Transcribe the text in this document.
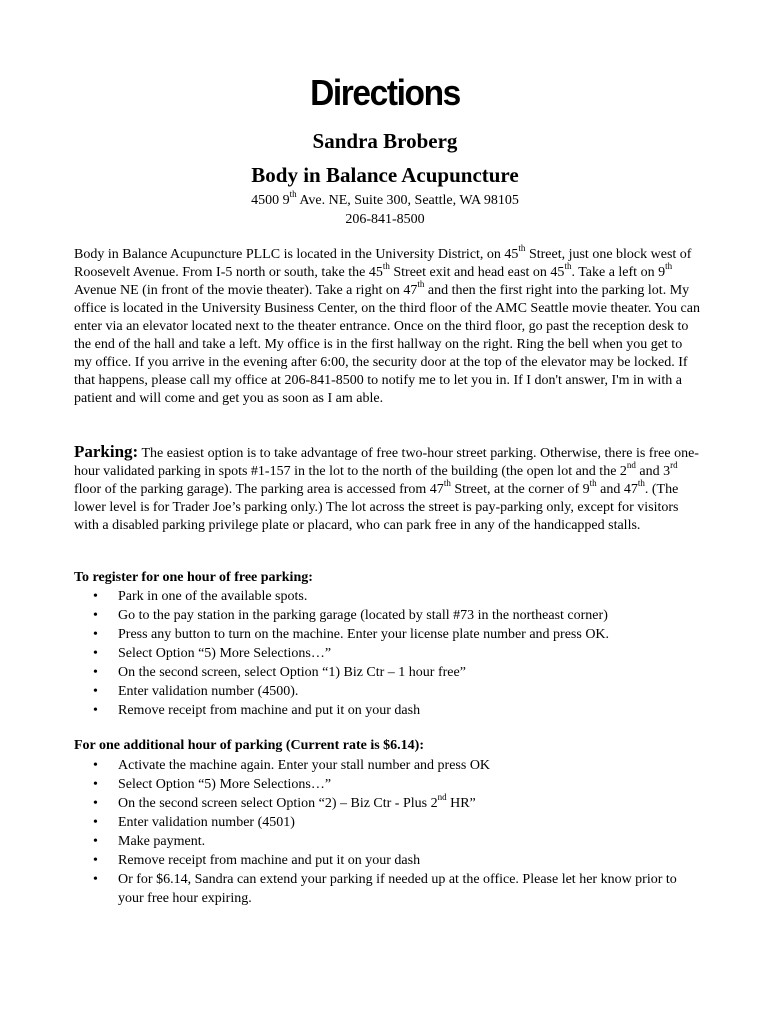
Directions
Sandra Broberg
Body in Balance Acupuncture
4500 9th Ave. NE, Suite 300, Seattle, WA 98105
206-841-8500
Body in Balance Acupuncture PLLC is located in the University District, on 45th Street, just one block west of Roosevelt Avenue. From I-5 north or south, take the 45th Street exit and head east on 45th. Take a left on 9th Avenue NE (in front of the movie theater). Take a right on 47th and then the first right into the parking lot. My office is located in the University Business Center, on the third floor of the AMC Seattle movie theater. You can enter via an elevator located next to the theater entrance. Once on the third floor, go past the reception desk to the end of the hall and take a left. My office is in the first hallway on the right. Ring the bell when you get to my office. If you arrive in the evening after 6:00, the security door at the top of the elevator may be locked. If that happens, please call my office at 206-841-8500 to notify me to let you in. If I don't answer, I'm in with a patient and will come and get you as soon as I am able.
Parking: The easiest option is to take advantage of free two-hour street parking. Otherwise, there is free one-hour validated parking in spots #1-157 in the lot to the north of the building (the open lot and the 2nd and 3rd floor of the parking garage). The parking area is accessed from 47th Street, at the corner of 9th and 47th. (The lower level is for Trader Joe’s parking only.) The lot across the street is pay-parking only, except for visitors with a disabled parking privilege plate or placard, who can park free in any of the handicapped stalls.
To register for one hour of free parking:
• Park in one of the available spots.
• Go to the pay station in the parking garage (located by stall #73 in the northeast corner)
• Press any button to turn on the machine. Enter your license plate number and press OK.
• Select Option “5) More Selections…”
• On the second screen, select Option “1) Biz Ctr – 1 hour free”
• Enter validation number (4500).
• Remove receipt from machine and put it on your dash
For one additional hour of parking (Current rate is $6.14):
• Activate the machine again. Enter your stall number and press OK
• Select Option “5) More Selections…”
• On the second screen select Option “2) – Biz Ctr - Plus 2nd HR”
• Enter validation number (4501)
• Make payment.
• Remove receipt from machine and put it on your dash
• Or for $6.14, Sandra can extend your parking if needed up at the office. Please let her know prior to your free hour expiring.
